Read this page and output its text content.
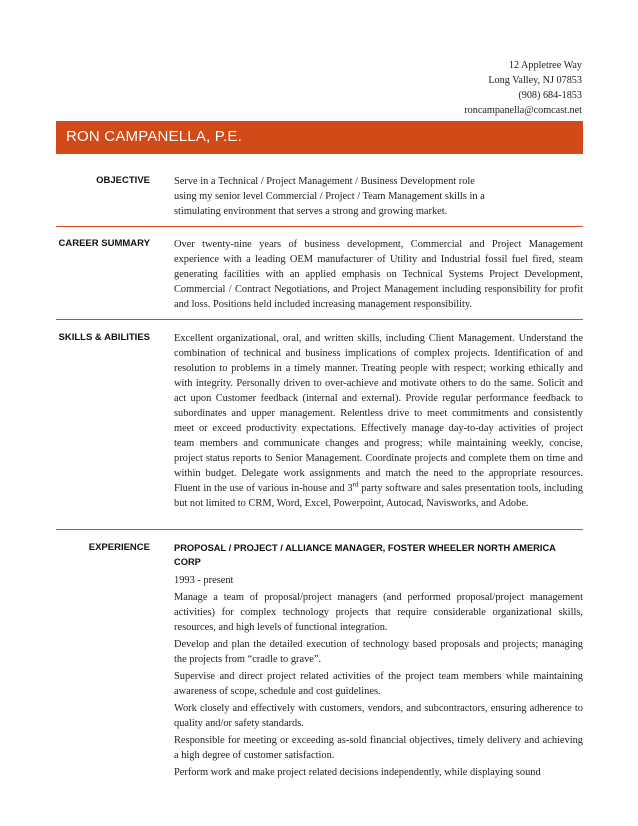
12 Appletree Way
Long Valley, NJ 07853
(908) 684-1853
roncampanella@comcast.net
RON CAMPANELLA, P.E.
OBJECTIVE Serve in a Technical / Project Management / Business Development role
using my senior level Commercial / Project / Team Management skills in a
stimulating environment that serves a strong and growing market.
CAREER SUMMARY Over twenty-nine years of business development, Commercial and Project Management experience with a leading OEM manufacturer of Utility and Industrial fossil fuel fired, steam generating facilities with an applied emphasis on Technical Systems Project Development, Commercial / Contract Negotiations, and Project Management including responsibility for profit and loss. Positions held included increasing management responsibility.
SKILLS & ABILITIES Excellent organizational, oral, and written skills, including Client Management. Understand the combination of technical and business implications of complex projects. Identification of and resolution to problems in a timely manner. Treating people with respect; working ethically and with integrity. Personally driven to over-achieve and motivate others to do the same. Solicit and act upon Customer feedback (internal and external). Provide regular performance feedback to subordinates and upper management. Relentless drive to meet commitments and consistently meet or exceed productivity expectations. Effectively manage day-to-day activities of project team members and communicate changes and progress; while maintaining weekly, concise, project status reports to Senior Management. Coordinate projects and complete them on time and within budget. Delegate work assignments and match the need to the appropriate resources. Fluent in the use of various in-house and 3rd party software and sales presentation tools, including but not limited to CRM, Word, Excel, Powerpoint, Autocad, Navisworks, and Adobe.
EXPERIENCE	PROPOSAL / PROJECT / ALLIANCE MANAGER, FOSTER WHEELER NORTH AMERICA CORP
1993 - present
Manage a team of proposal/project managers (and performed proposal/project management activities) for complex technology projects that require considerable organizational skills, resources, and high levels of functional integration.
Develop and plan the detailed execution of technology based proposals and projects; managing the projects from “cradle to grave”.
Supervise and direct project related activities of the project team members while maintaining awareness of scope, schedule and cost guidelines.
Work closely and effectively with customers, vendors, and subcontractors, ensuring adherence to quality and/or safety standards.
Responsible for meeting or exceeding as-sold financial objectives, timely delivery and achieving a high degree of customer satisfaction.
Perform work and make project related decisions independently, while displaying sound
